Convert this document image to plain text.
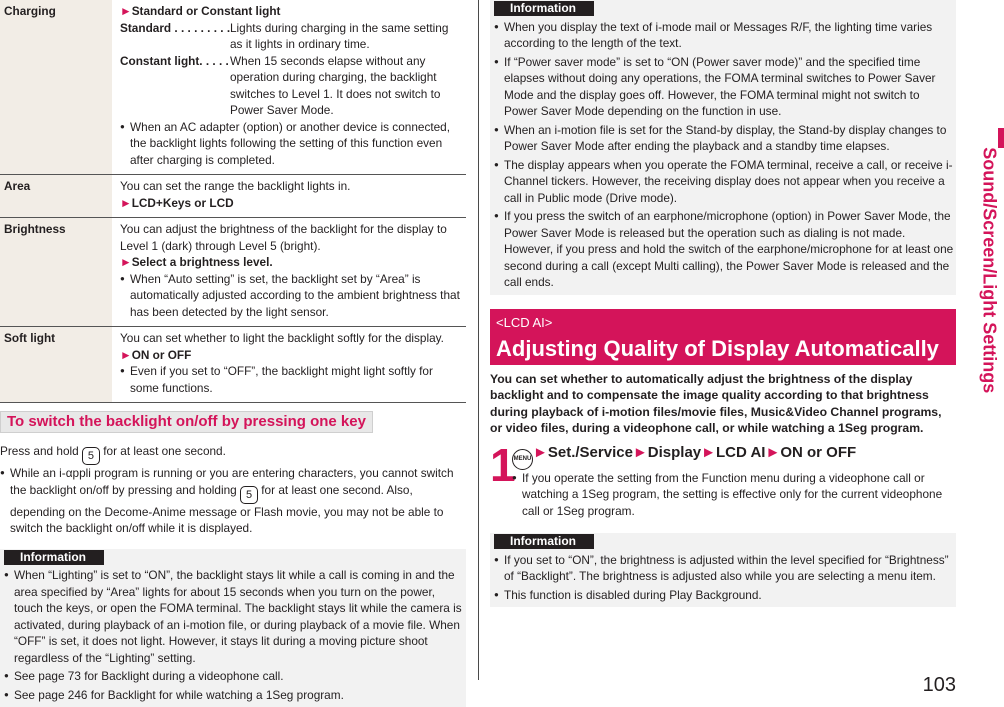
Charging	►Standard or Constant light
Standard . . . . . . . . . Lights during charging in the same setting as it lights in ordinary time.
Constant light. . . . . When 15 seconds elapse without any operation during charging, the backlight switches to Level 1. It does not switch to Power Saver Mode.
● When an AC adapter (option) or another device is connected, the backlight lights following the setting of this function even after charging is completed.
Area	You can set the range the backlight lights in.
►LCD+Keys or LCD
Brightness	You can adjust the brightness of the backlight for the display to Level 1 (dark) through Level 5 (bright).
►Select a brightness level.
● When “Auto setting” is set, the backlight set by “Area” is automatically adjusted according to the ambient brightness that has been detected by the light sensor.
Soft light	You can set whether to light the backlight softly for the display.
►ON or OFF
● Even if you set to “OFF”, the backlight might light softly for some functions.
To switch the backlight on/off by pressing one key
Press and hold 5 for at least one second.
● While an i-αppli program is running or you are entering characters, you cannot switch the backlight on/off by pressing and holding 5 for at least one second. Also, depending on the Decome-Anime message or Flash movie, you may not be able to switch the backlight on/off while it is displayed.
Information
● When “Lighting” is set to “ON”, the backlight stays lit while a call is coming in and the area specified by “Area” lights for about 15 seconds when you turn on the power, touch the keys, or open the FOMA terminal. The backlight stays lit while the camera is activated, during playback of an i-motion file, or during playback of a movie file. When “OFF” is set, it does not light. However, it stays lit during a moving picture shoot regardless of the “Lighting” setting.
● See page 73 for Backlight during a videophone call.
● See page 246 for Backlight for while watching a 1Seg program.
Information
● When you display the text of i-mode mail or Messages R/F, the lighting time varies according to the length of the text.
● If “Power saver mode” is set to “ON (Power saver mode)” and the specified time elapses without doing any operations, the FOMA terminal switches to Power Saver Mode and the display goes off. However, the FOMA terminal might not switch to Power Saver Mode depending on the function in use.
● When an i-motion file is set for the Stand-by display, the Stand-by display changes to Power Saver Mode after ending the playback and a standby time elapses.
● The display appears when you operate the FOMA terminal, receive a call, or receive i-Channel tickers. However, the receiving display does not appear when you receive a call in Public mode (Drive mode).
● If you press the switch of an earphone/microphone (option) in Power Saver Mode, the Power Saver Mode is released but the operation such as dialing is not made. However, if you press and hold the switch of the earphone/microphone for at least one second during a call (except Multi calling), the Power Saver Mode is released and the call ends.
<LCD AI>
Adjusting Quality of Display Automatically
You can set whether to automatically adjust the brightness of the display backlight and to compensate the image quality according to that brightness during playback of i-motion files/movie files, Music&Video Channel programs, or video files, during a videophone call, or while watching a 1Seg program.
1
MENU ►Set./Service►Display►LCD AI►ON or OFF
● If you operate the setting from the Function menu during a videophone call or watching a 1Seg program, the setting is effective only for the current videophone call or 1Seg program.
Information
● If you set to “ON”, the brightness is adjusted within the level specified for “Brightness” of “Backlight”. The brightness is adjusted also while you are selecting a menu item.
● This function is disabled during Play Background.
Sound/Screen/Light Settings
103
